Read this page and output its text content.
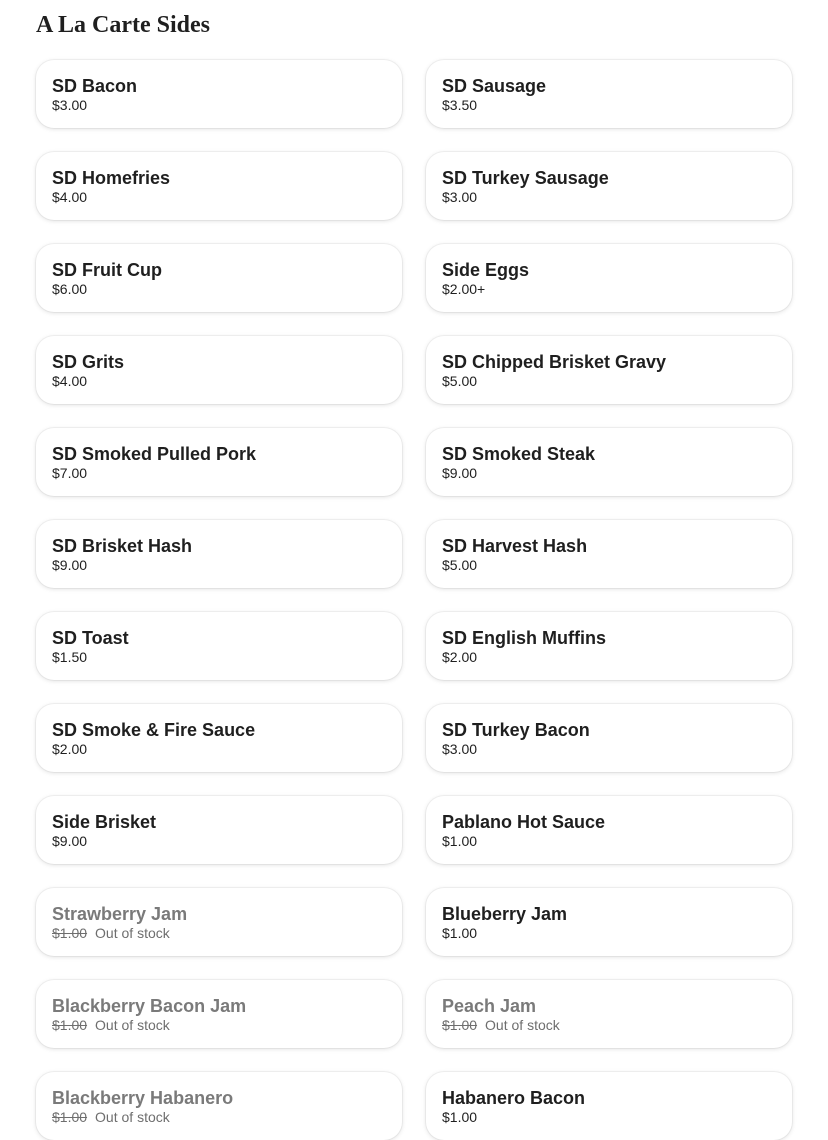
A La Carte Sides
SD Bacon
$3.00
SD Sausage
$3.50
SD Homefries
$4.00
SD Turkey Sausage
$3.00
SD Fruit Cup
$6.00
Side Eggs
$2.00+
SD Grits
$4.00
SD Chipped Brisket Gravy
$5.00
SD Smoked Pulled Pork
$7.00
SD Smoked Steak
$9.00
SD Brisket Hash
$9.00
SD Harvest Hash
$5.00
SD Toast
$1.50
SD English Muffins
$2.00
SD Smoke & Fire Sauce
$2.00
SD Turkey Bacon
$3.00
Side Brisket
$9.00
Pablano Hot Sauce
$1.00
Strawberry Jam
$1.00 Out of stock
Blueberry Jam
$1.00
Blackberry Bacon Jam
$1.00 Out of stock
Peach Jam
$1.00 Out of stock
Blackberry Habanero
$1.00 Out of stock
Habanero Bacon
$1.00
